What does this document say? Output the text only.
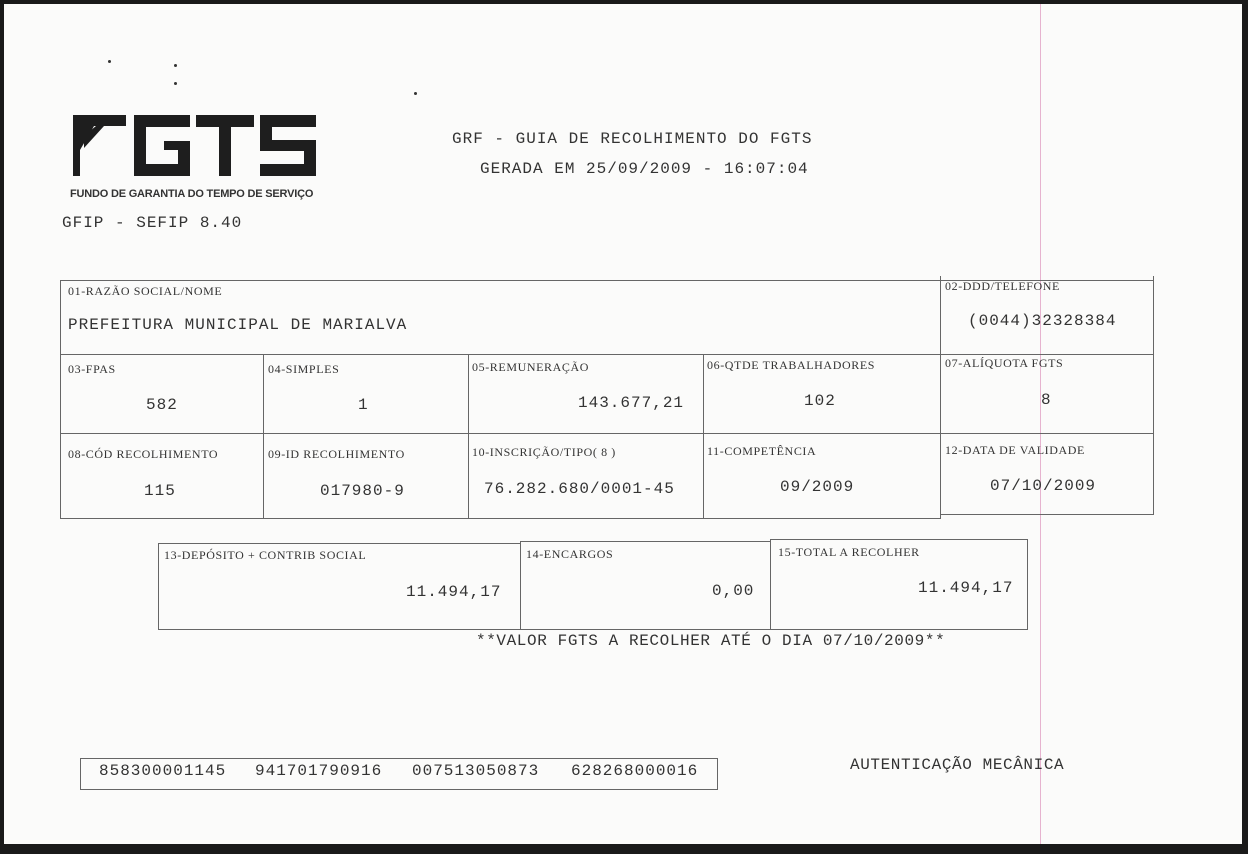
FUNDO DE GARANTIA DO TEMPO DE SERVIÇO
GFIP - SEFIP 8.40
GRF - GUIA DE RECOLHIMENTO DO FGTS
GERADA EM 25/09/2009 - 16:07:04
01-RAZÃO SOCIAL/NOME
PREFEITURA MUNICIPAL DE MARIALVA
02-DDD/TELEFONE
(0044)32328384
03-FPAS
582
04-SIMPLES
1
05-REMUNERAÇÃO
143.677,21
06-QTDE TRABALHADORES
102
07-ALÍQUOTA FGTS
8
08-CÓD RECOLHIMENTO
115
09-ID RECOLHIMENTO
017980-9
10-INSCRIÇÃO/TIPO( 8 )
76.282.680/0001-45
11-COMPETÊNCIA
09/2009
12-DATA DE VALIDADE
07/10/2009
13-DEPÓSITO + CONTRIB SOCIAL
11.494,17
14-ENCARGOS
0,00
15-TOTAL A RECOLHER
11.494,17
**VALOR FGTS A RECOLHER ATÉ O DIA 07/10/2009**
858300001145 941701790916 007513050873 628268000016	AUTENTICAÇÃO MECÂNICA
